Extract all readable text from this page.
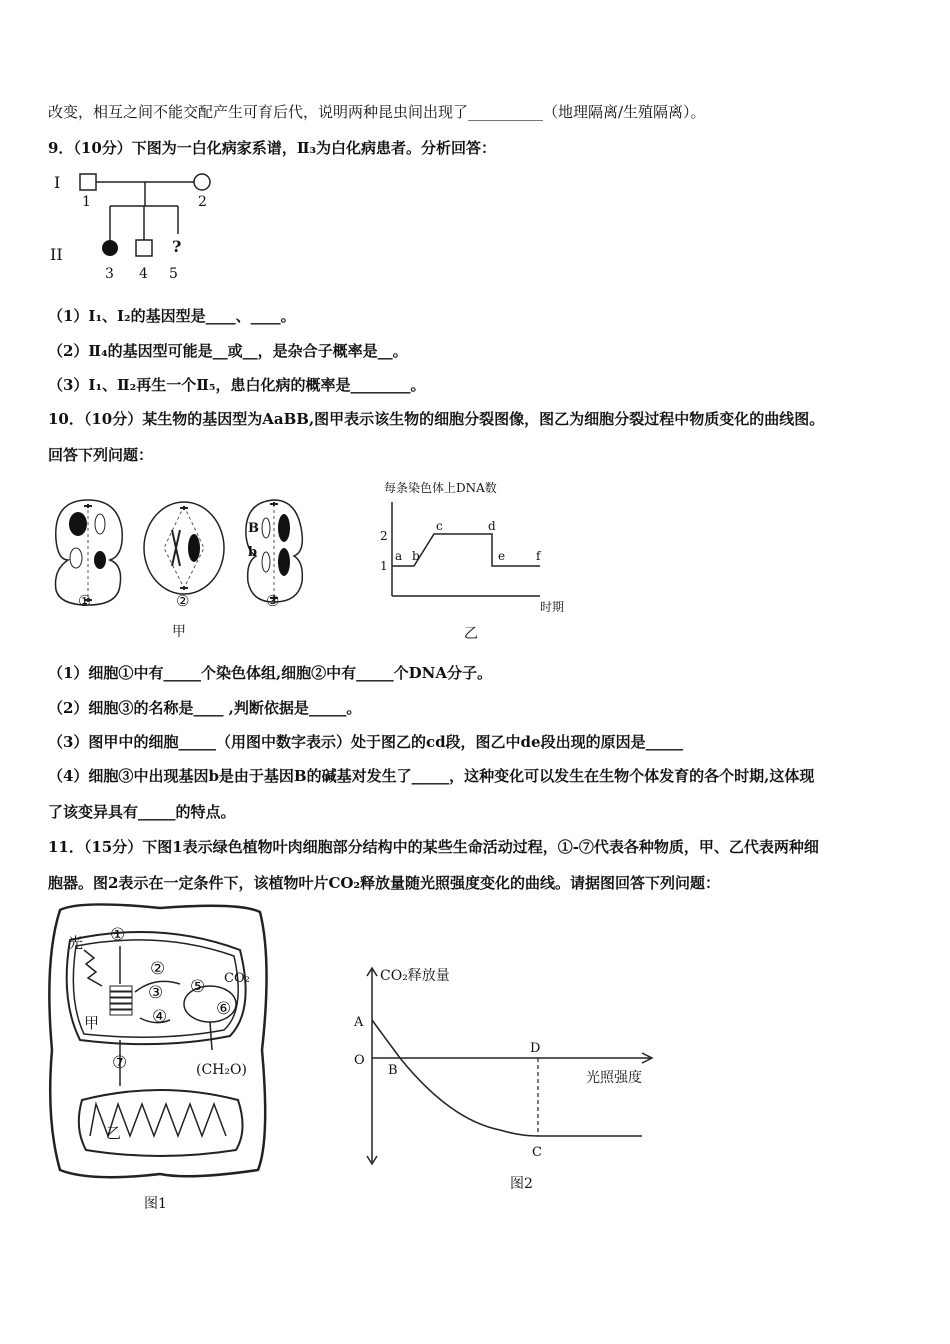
改变，相互之间不能交配产生可育后代，说明两种昆虫间出现了__________（地理隔离/生殖隔离）。
9．（10分）下图为一白化病家系谱，Ⅱ₃为白化病患者。分析回答：
I
II	?
1	2
3 4 5
（1）Ⅰ₁、Ⅰ₂的基因型是____、____。
（2）Ⅱ₄的基因型可能是__或__，是杂合子概率是__。
（3）Ⅰ₁、Ⅱ₂再生一个Ⅱ₅，患白化病的概率是________。
10．（10分）某生物的基因型为AaBB,图甲表示该生物的细胞分裂图像，图乙为细胞分裂过程中物质变化的曲线图。
回答下列问题：
①	②
B
b
③
甲
每条染色体上DNA数
时期
2
1
a b
c	d
e	f
乙
（1）细胞①中有_____个染色体组,细胞②中有_____个DNA分子。
（2）细胞③的名称是____ ,判断依据是_____。
（3）图甲中的细胞_____（用图中数字表示）处于图乙的cd段，图乙中de段出现的原因是_____
（4）细胞③中出现基因b是由于基因B的碱基对发生了_____，这种变化可以发生在生物个体发育的各个时期,这体现
了该变异具有_____的特点。
11．（15分）下图1表示绿色植物叶肉细胞部分结构中的某些生命活动过程，①-⑦代表各种物质，甲、乙代表两种细
胞器。图2表示在一定条件下，该植物叶片CO₂释放量随光照强度变化的曲线。请据图回答下列问题：
光 ①
②
③
④
⑤
⑥
⑦
CO₂
(CH₂O)
甲
乙
图1
CO₂释放量
光照强度
A
O
B
D
C
图2
